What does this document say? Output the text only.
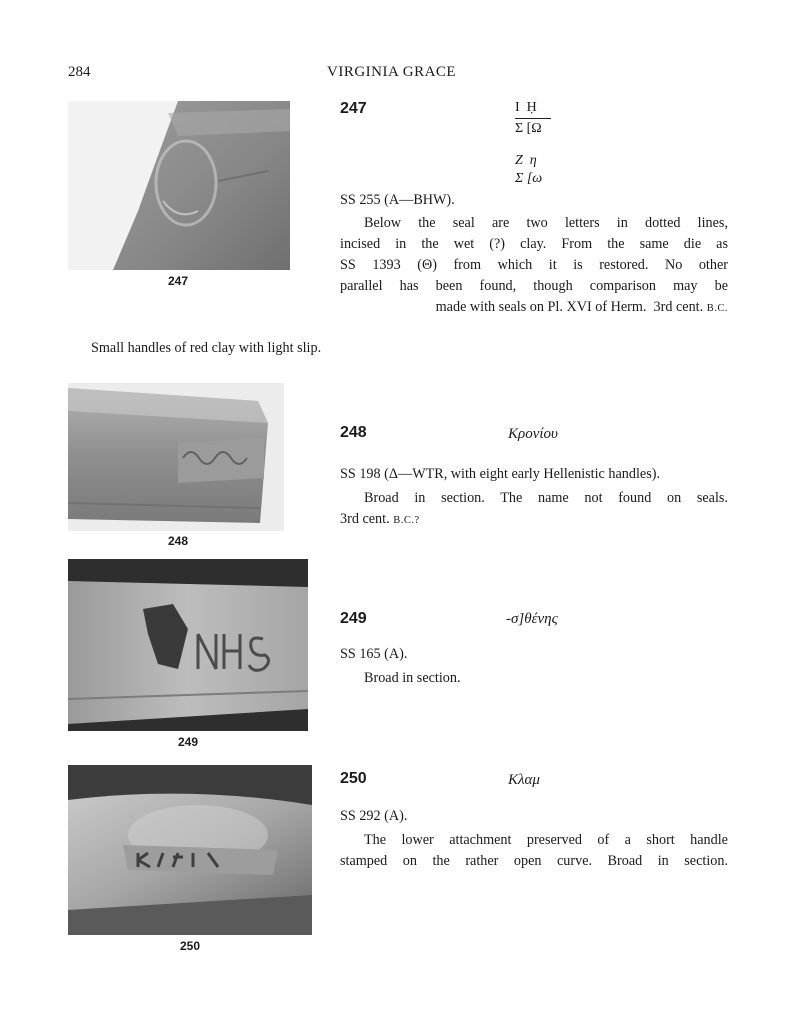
284	VIRGINIA GRACE
247
247	I  Ḥ
Σ [Ω
Z  η
Σ [ω
SS 255 (Α—BHW).
Below the seal are two letters in dotted lines,
incised in the wet (?) clay. From the same die as
SS 1393 (Θ) from which it is restored. No other
parallel has been found, though comparison may be
made with seals on Pl. XVI of Herm.  3rd cent. B.C.
Small handles of red clay with light slip.
248
248	Κρονίου
SS 198 (Δ—WTR, with eight early Hellenistic handles).
Broad in section. The name not found on seals.
3rd cent. B.C.?
249
249	-σ]θένης
SS 165 (A).
Broad in section.
250
250	Κλαμ
SS 292 (A).
The lower attachment preserved of a short handle
stamped on the rather open curve. Broad in section.
